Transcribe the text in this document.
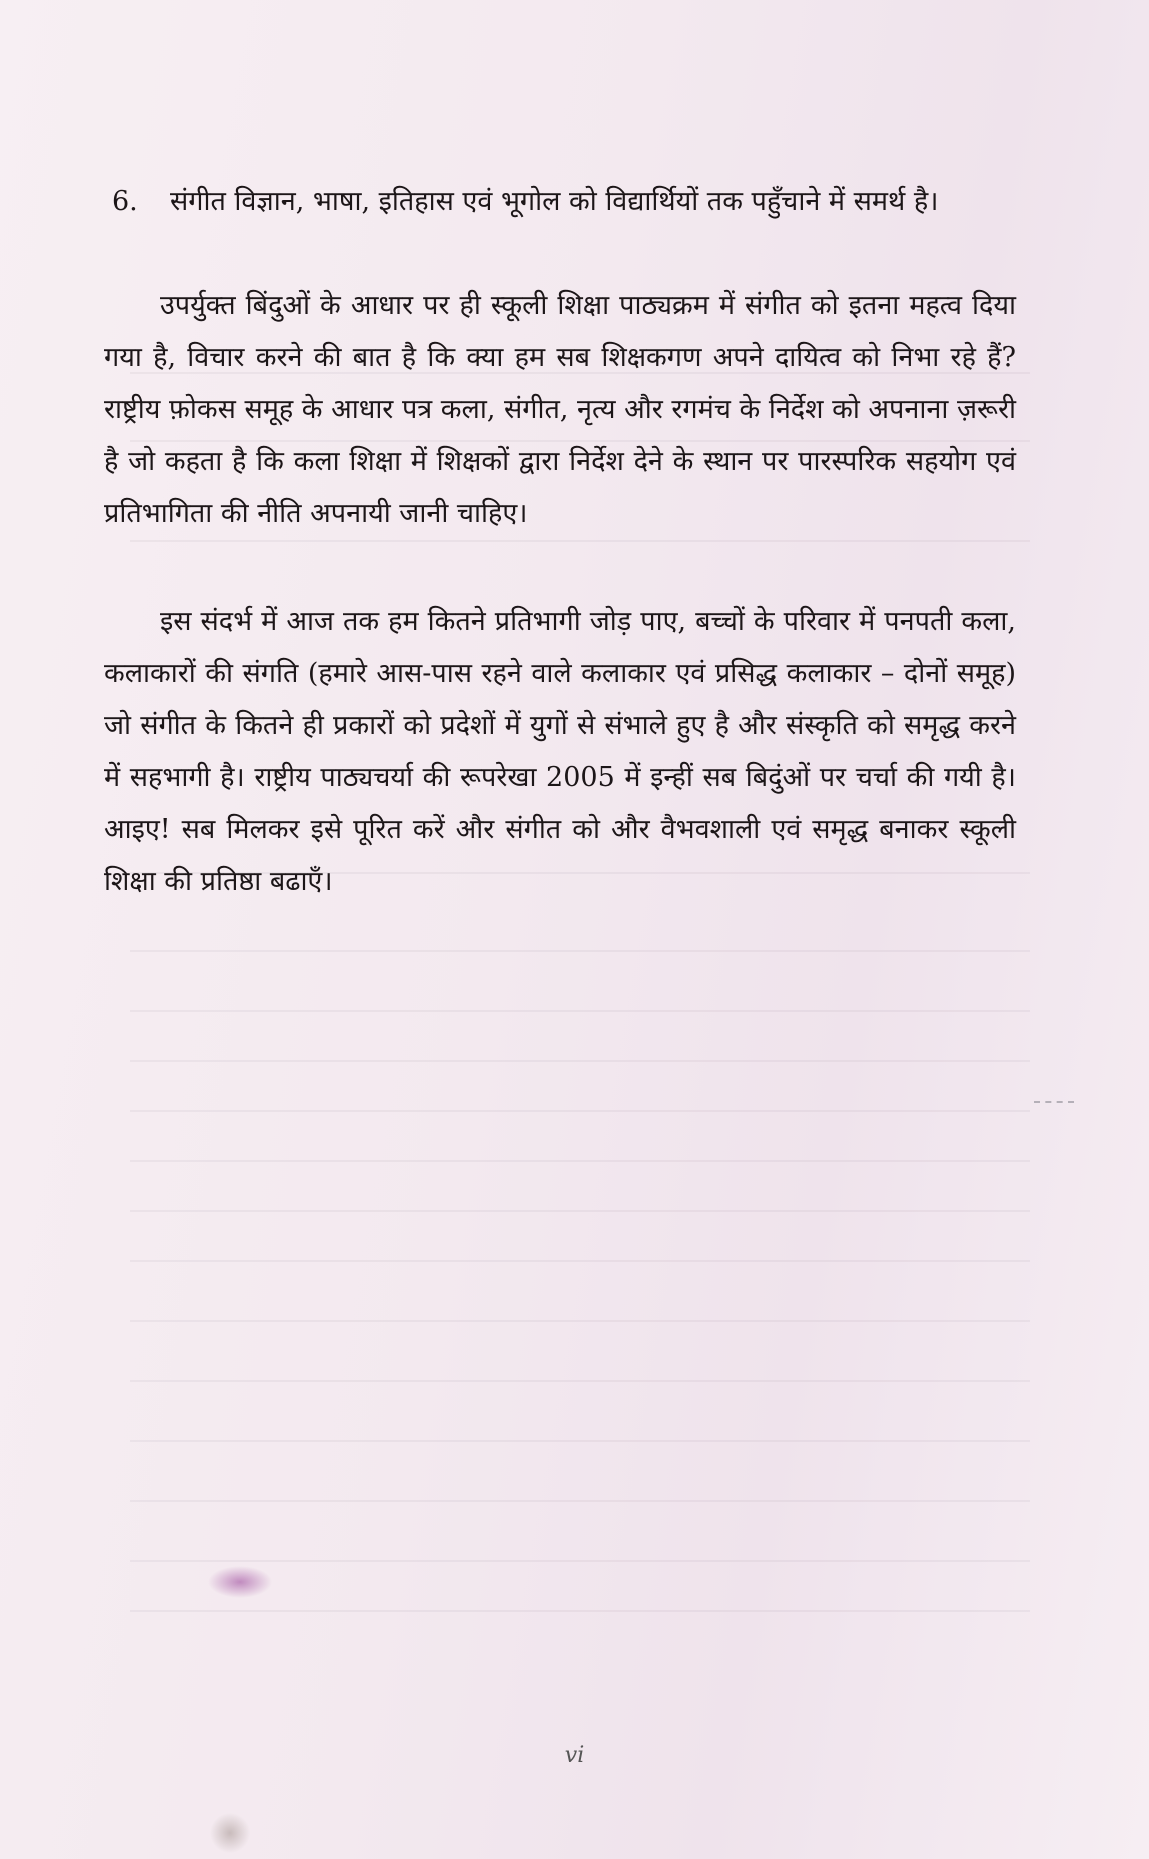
6. संगीत विज्ञान, भाषा, इतिहास एवं भूगोल को विद्यार्थियों तक पहुँचाने में समर्थ है।
उपर्युक्त बिंदुओं के आधार पर ही स्कूली शिक्षा पाठ्यक्रम में संगीत को इतना महत्व दिया गया है, विचार करने की बात है कि क्या हम सब शिक्षकगण अपने दायित्व को निभा रहे हैं? राष्ट्रीय फ़ोकस समूह के आधार पत्र कला, संगीत, नृत्य और रगमंच के निर्देश को अपनाना ज़रूरी है जो कहता है कि कला शिक्षा में शिक्षकों द्वारा निर्देश देने के स्थान पर पारस्परिक सहयोग एवं प्रतिभागिता की नीति अपनायी जानी चाहिए।
इस संदर्भ में आज तक हम कितने प्रतिभागी जोड़ पाए, बच्चों के परिवार में पनपती कला, कलाकारों की संगति (हमारे आस-पास रहने वाले कलाकार एवं प्रसिद्ध कलाकार – दोनों समूह) जो संगीत के कितने ही प्रकारों को प्रदेशों में युगों से संभाले हुए है और संस्कृति को समृद्ध करने में सहभागी है। राष्ट्रीय पाठ्यचर्या की रूपरेखा 2005 में इन्हीं सब बिदुंओं पर चर्चा की गयी है। आइए! सब मिलकर इसे पूरित करें और संगीत को और वैभवशाली एवं समृद्ध बनाकर स्कूली शिक्षा की प्रतिष्ठा बढाएँ।
vi
